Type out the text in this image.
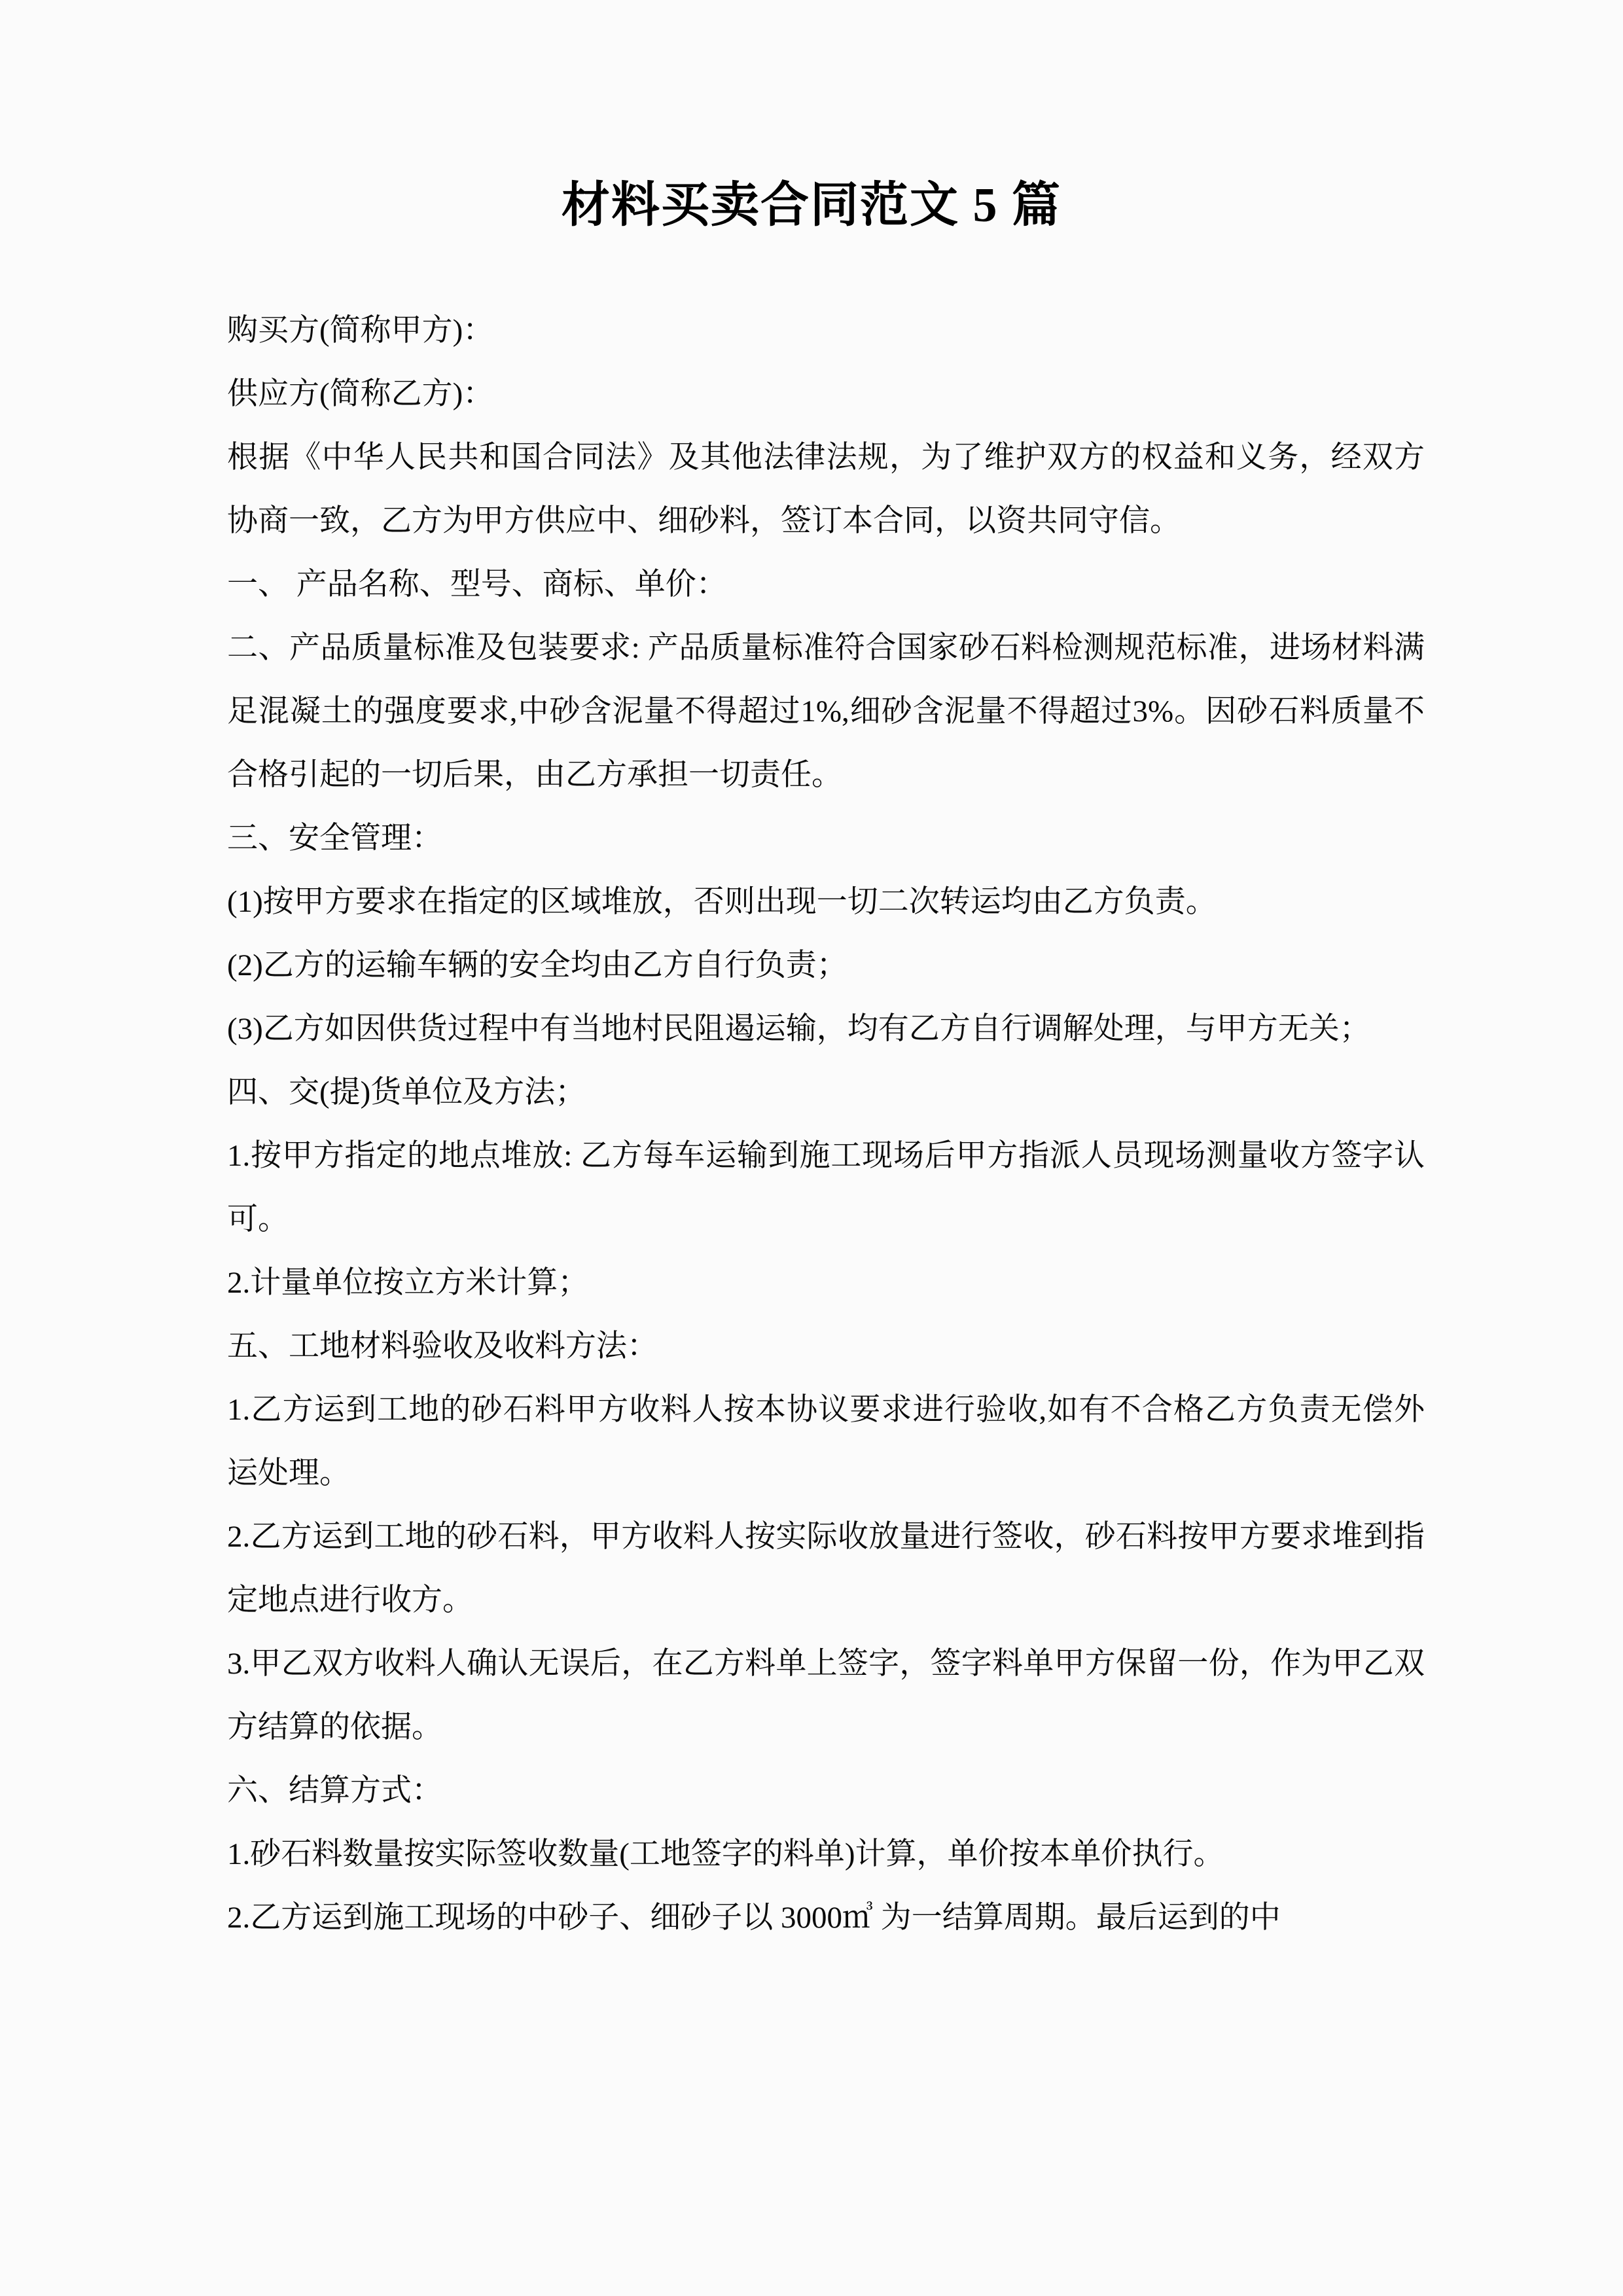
材料买卖合同范文 5 篇

购买方(简称甲方)：

供应方(简称乙方)：

根据《中华人民共和国合同法》及其他法律法规，为了维护双方的权益和义务，经双方协商一致，乙方为甲方供应中、细砂料，签订本合同，以资共同守信。

一、 产品名称、型号、商标、单价：

二、产品质量标准及包装要求: 产品质量标准符合国家砂石料检测规范标准，进场材料满足混凝土的强度要求,中砂含泥量不得超过1%,细砂含泥量不得超过3%。因砂石料质量不合格引起的一切后果，由乙方承担一切责任。

三、安全管理：

(1)按甲方要求在指定的区域堆放，否则出现一切二次转运均由乙方负责。

(2)乙方的运输车辆的安全均由乙方自行负责；

(3)乙方如因供货过程中有当地村民阻遏运输，均有乙方自行调解处理，与甲方无关；

四、交(提)货单位及方法；

1.按甲方指定的地点堆放: 乙方每车运输到施工现场后甲方指派人员现场测量收方签字认可。

2.计量单位按立方米计算；

五、工地材料验收及收料方法：

1.乙方运到工地的砂石料甲方收料人按本协议要求进行验收,如有不合格乙方负责无偿外运处理。

2.乙方运到工地的砂石料，甲方收料人按实际收放量进行签收，砂石料按甲方要求堆到指定地点进行收方。

3.甲乙双方收料人确认无误后，在乙方料单上签字，签字料单甲方保留一份，作为甲乙双方结算的依据。

六、结算方式：

1.砂石料数量按实际签收数量(工地签字的料单)计算，单价按本单价执行。

2.乙方运到施工现场的中砂子、细砂子以 3000㎥ 为一结算周期。最后运到的中
